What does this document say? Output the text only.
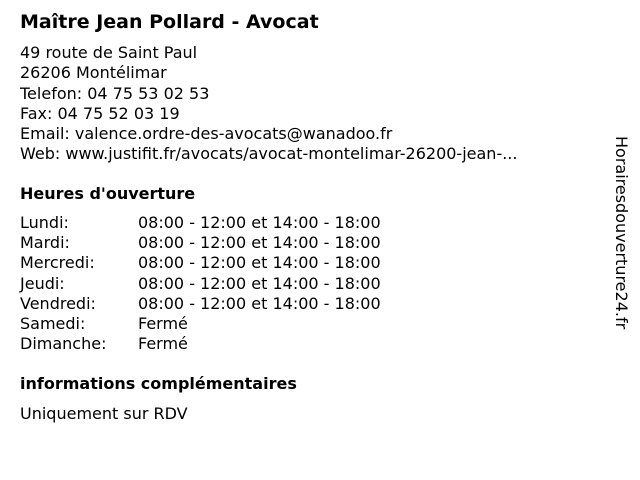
Maître Jean Pollard - Avocat
49 route de Saint Paul
26206 Montélimar
Telefon: 04 75 53 02 53
Fax: 04 75 52 03 19
Email: valence.ordre-des-avocats@wanadoo.fr
Web: www.justifit.fr/avocats/avocat-montelimar-26200-jean-...
Heures d'ouverture
Lundi:	08:00 - 12:00 et 14:00 - 18:00
Mardi:	08:00 - 12:00 et 14:00 - 18:00
Mercredi:	08:00 - 12:00 et 14:00 - 18:00
Jeudi:	08:00 - 12:00 et 14:00 - 18:00
Vendredi:	08:00 - 12:00 et 14:00 - 18:00
Samedi:	Fermé
Dimanche: Fermé
informations complémentaires
Uniquement sur RDV
Horairesdouverture24.fr
